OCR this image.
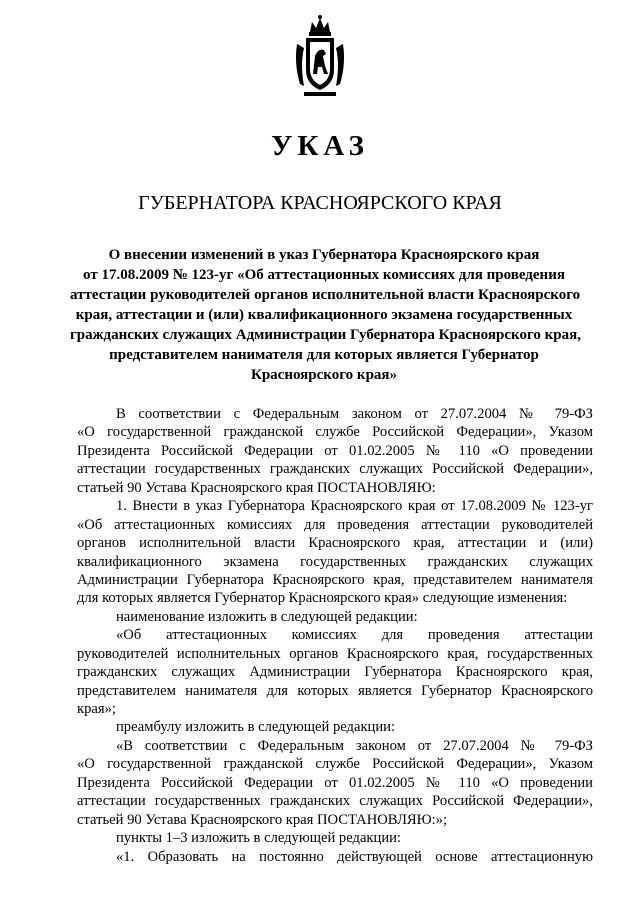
УКАЗ
ГУБЕРНАТОРА КРАСНОЯРСКОГО КРАЯ
О внесении изменений в указ Губернатора Красноярского края
от 17.08.2009 № 123-уг «Об аттестационных комиссиях для проведения
аттестации руководителей органов исполнительной власти Красноярского
края, аттестации и (или) квалификационного экзамена государственных
гражданских служащих Администрации Губернатора Красноярского края,
представителем нанимателя для которых является Губернатор
Красноярского края»
В соответствии с Федеральным законом от 27.07.2004 № 79-ФЗ
«О государственной гражданской службе Российской Федерации», Указом
Президента Российской Федерации от 01.02.2005 № 110 «О проведении
аттестации государственных гражданских служащих Российской Федерации»,
статьей 90 Устава Красноярского края ПОСТАНОВЛЯЮ:
1. Внести в указ Губернатора Красноярского края от 17.08.2009 № 123-уг
«Об аттестационных комиссиях для проведения аттестации руководителей
органов исполнительной власти Красноярского края, аттестации и (или)
квалификационного экзамена государственных гражданских служащих
Администрации Губернатора Красноярского края, представителем нанимателя
для которых является Губернатор Красноярского края» следующие изменения:
наименование изложить в следующей редакции:
«Об аттестационных комиссиях для проведения аттестации
руководителей исполнительных органов Красноярского края, государственных
гражданских служащих Администрации Губернатора Красноярского края,
представителем нанимателя для которых является Губернатор Красноярского
края»;
преамбулу изложить в следующей редакции:
«В соответствии с Федеральным законом от 27.07.2004 № 79-ФЗ
«О государственной гражданской службе Российской Федерации», Указом
Президента Российской Федерации от 01.02.2005 № 110 «О проведении
аттестации государственных гражданских служащих Российской Федерации»,
статьей 90 Устава Красноярского края ПОСТАНОВЛЯЮ:»;
пункты 1–3 изложить в следующей редакции:
«1. Образовать на постоянно действующей основе аттестационную
